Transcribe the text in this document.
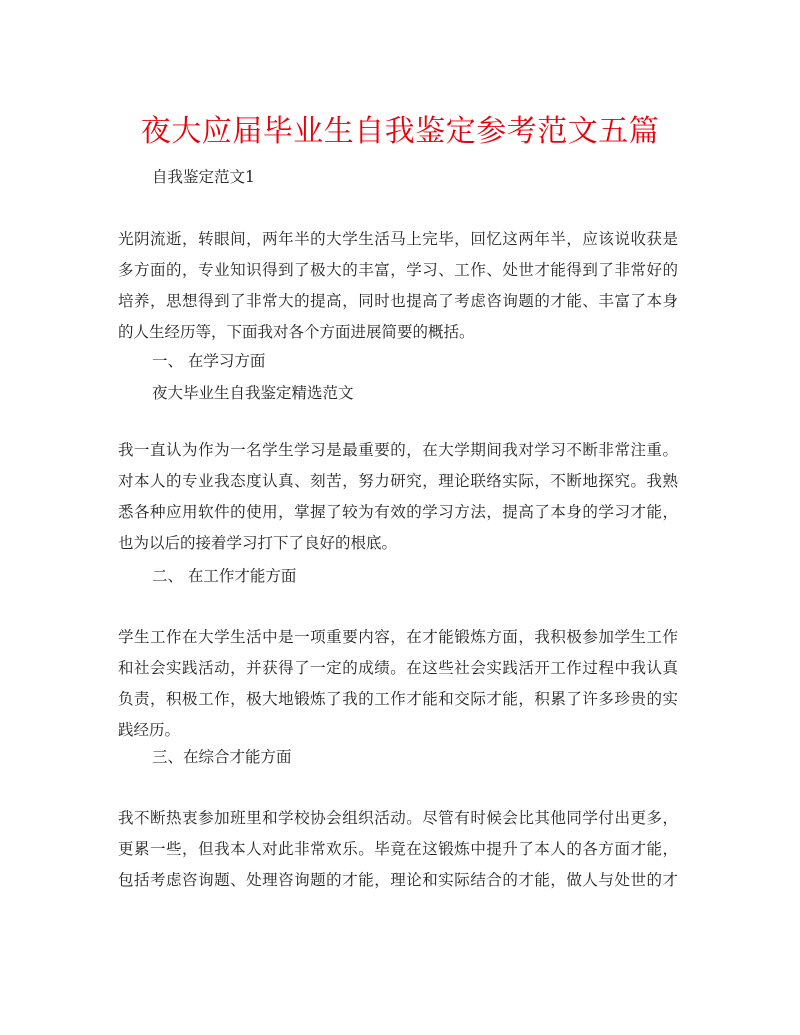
夜大应届毕业生自我鉴定参考范文五篇

自我鉴定范文1

光阴流逝，转眼间，两年半的大学生活马上完毕，回忆这两年半，应该说收获是
多方面的，专业知识得到了极大的丰富，学习、工作、处世才能得到了非常好的
培养，思想得到了非常大的提高，同时也提高了考虑咨询题的才能、丰富了本身
的人生经历等，下面我对各个方面进展简要的概括。

一、 在学习方面

夜大毕业生自我鉴定精选范文

我一直认为作为一名学生学习是最重要的，在大学期间我对学习不断非常注重。
对本人的专业我态度认真、刻苦，努力研究，理论联络实际，不断地探究。我熟
悉各种应用软件的使用，掌握了较为有效的学习方法，提高了本身的学习才能，
也为以后的接着学习打下了良好的根底。

二、 在工作才能方面

学生工作在大学生活中是一项重要内容，在才能锻炼方面，我积极参加学生工作
和社会实践活动，并获得了一定的成绩。在这些社会实践活开工作过程中我认真
负责，积极工作，极大地锻炼了我的工作才能和交际才能，积累了许多珍贵的实
践经历。

三、在综合才能方面

我不断热衷参加班里和学校协会组织活动。尽管有时候会比其他同学付出更多，
更累一些，但我本人对此非常欢乐。毕竟在这锻炼中提升了本人的各方面才能，
包括考虑咨询题、处理咨询题的才能，理论和实际结合的才能，做人与处世的才
